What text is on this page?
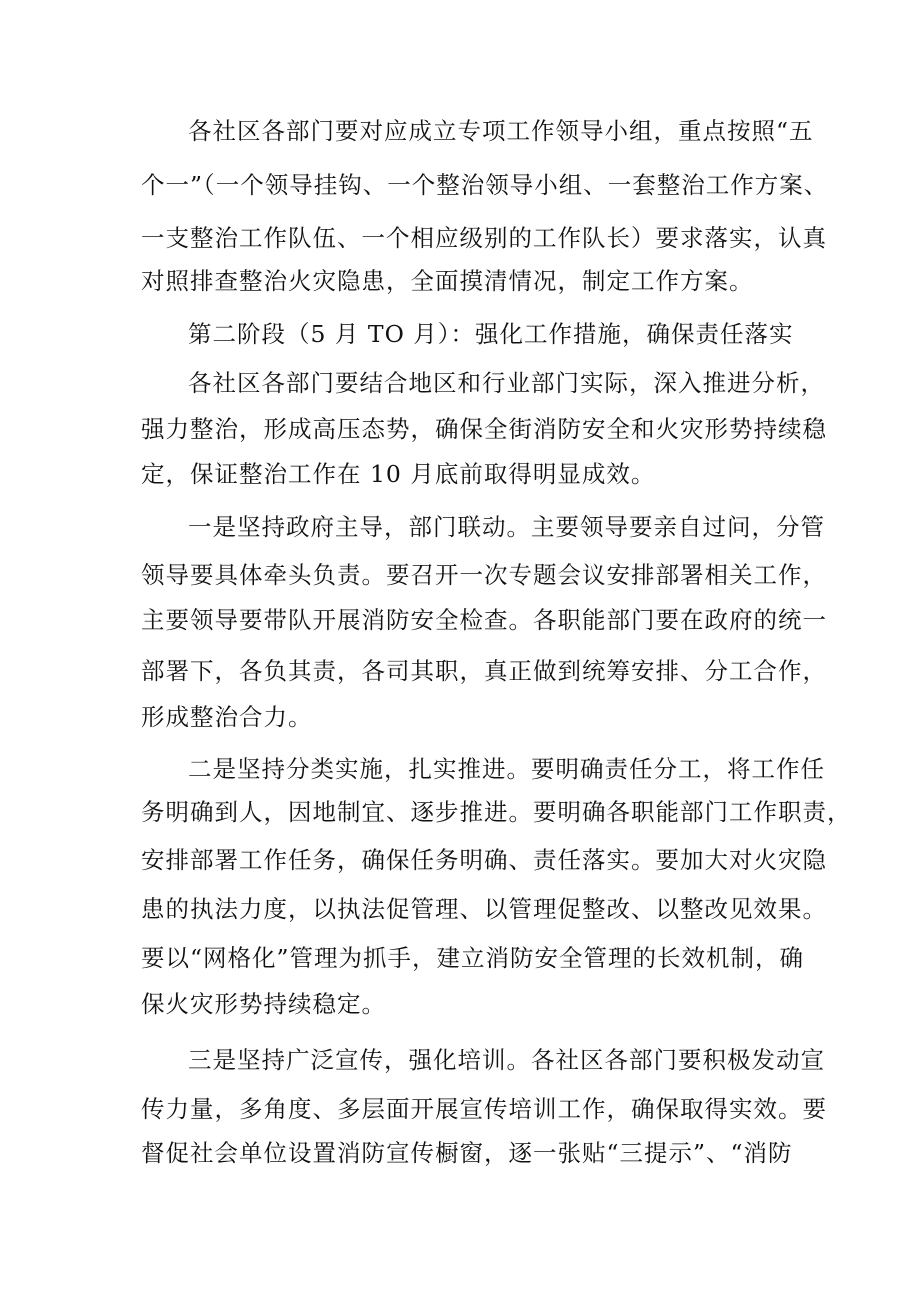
各社区各部门要对应成立专项工作领导小组，重点按照“五
个一”（一个领导挂钩、一个整治领导小组、一套整治工作方案、
一支整治工作队伍、一个相应级别的工作队长）要求落实，认真
对照排查整治火灾隐患，全面摸清情况，制定工作方案。
第二阶段（5 月 TO 月）：强化工作措施，确保责任落实
各社区各部门要结合地区和行业部门实际，深入推进分析，
强力整治，形成高压态势，确保全街消防安全和火灾形势持续稳
定，保证整治工作在 10 月底前取得明显成效。
一是坚持政府主导，部门联动。主要领导要亲自过问，分管
领导要具体牵头负责。要召开一次专题会议安排部署相关工作，
主要领导要带队开展消防安全检查。各职能部门要在政府的统一
部署下，各负其责，各司其职，真正做到统筹安排、分工合作，
形成整治合力。
二是坚持分类实施，扎实推进。要明确责任分工，将工作任
务明确到人，因地制宜、逐步推进。要明确各职能部门工作职责，
安排部署工作任务，确保任务明确、责任落实。要加大对火灾隐
患的执法力度，以执法促管理、以管理促整改、以整改见效果。
要以“网格化”管理为抓手，建立消防安全管理的长效机制，确
保火灾形势持续稳定。
三是坚持广泛宣传，强化培训。各社区各部门要积极发动宣
传力量，多角度、多层面开展宣传培训工作，确保取得实效。要
督促社会单位设置消防宣传橱窗，逐一张贴“三提示”、“消防
